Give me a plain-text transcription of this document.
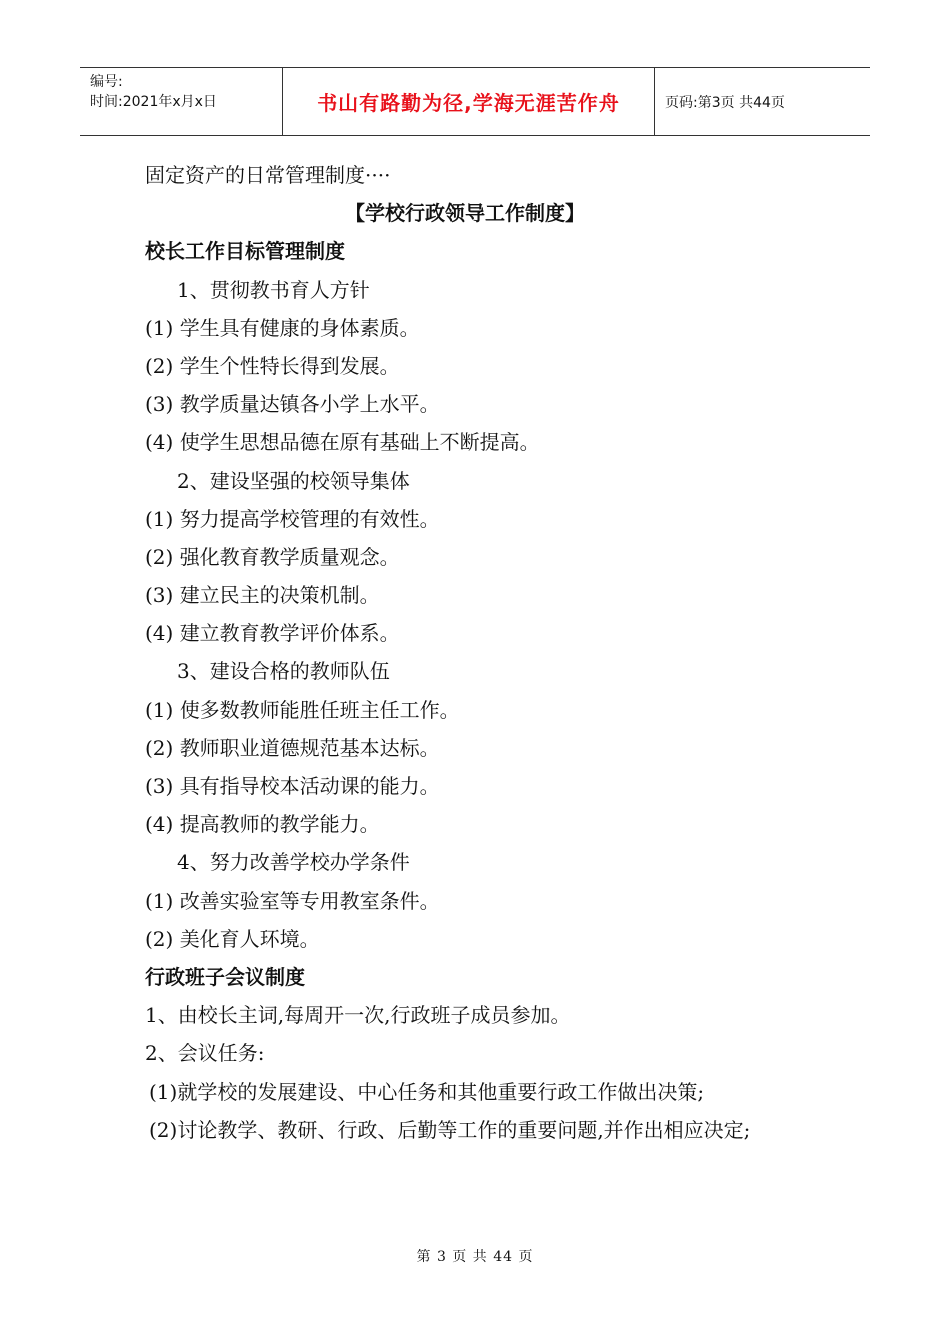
编号:
时间:2021年x月x日	书山有路勤为径,学海无涯苦作舟	页码:第3页 共44页
固定资产的日常管理制度····
【学校行政领导工作制度】
校长工作目标管理制度
1、贯彻教书育人方针
(1) 学生具有健康的身体素质。
(2) 学生个性特长得到发展。
(3) 教学质量达镇各小学上水平。
(4) 使学生思想品德在原有基础上不断提高。
2、建设坚强的校领导集体
(1) 努力提高学校管理的有效性。
(2) 强化教育教学质量观念。
(3) 建立民主的决策机制。
(4) 建立教育教学评价体系。
3、建设合格的教师队伍
(1) 使多数教师能胜任班主任工作。
(2) 教师职业道德规范基本达标。
(3) 具有指导校本活动课的能力。
(4) 提高教师的教学能力。
4、努力改善学校办学条件
(1) 改善实验室等专用教室条件。
(2) 美化育人环境。
行政班子会议制度
1、由校长主词,每周开一次,行政班子成员参加。
2、会议任务:
(1)就学校的发展建设、中心任务和其他重要行政工作做出决策;
(2)讨论教学、教研、行政、后勤等工作的重要问题,并作出相应决定;
第 3 页 共 44 页
